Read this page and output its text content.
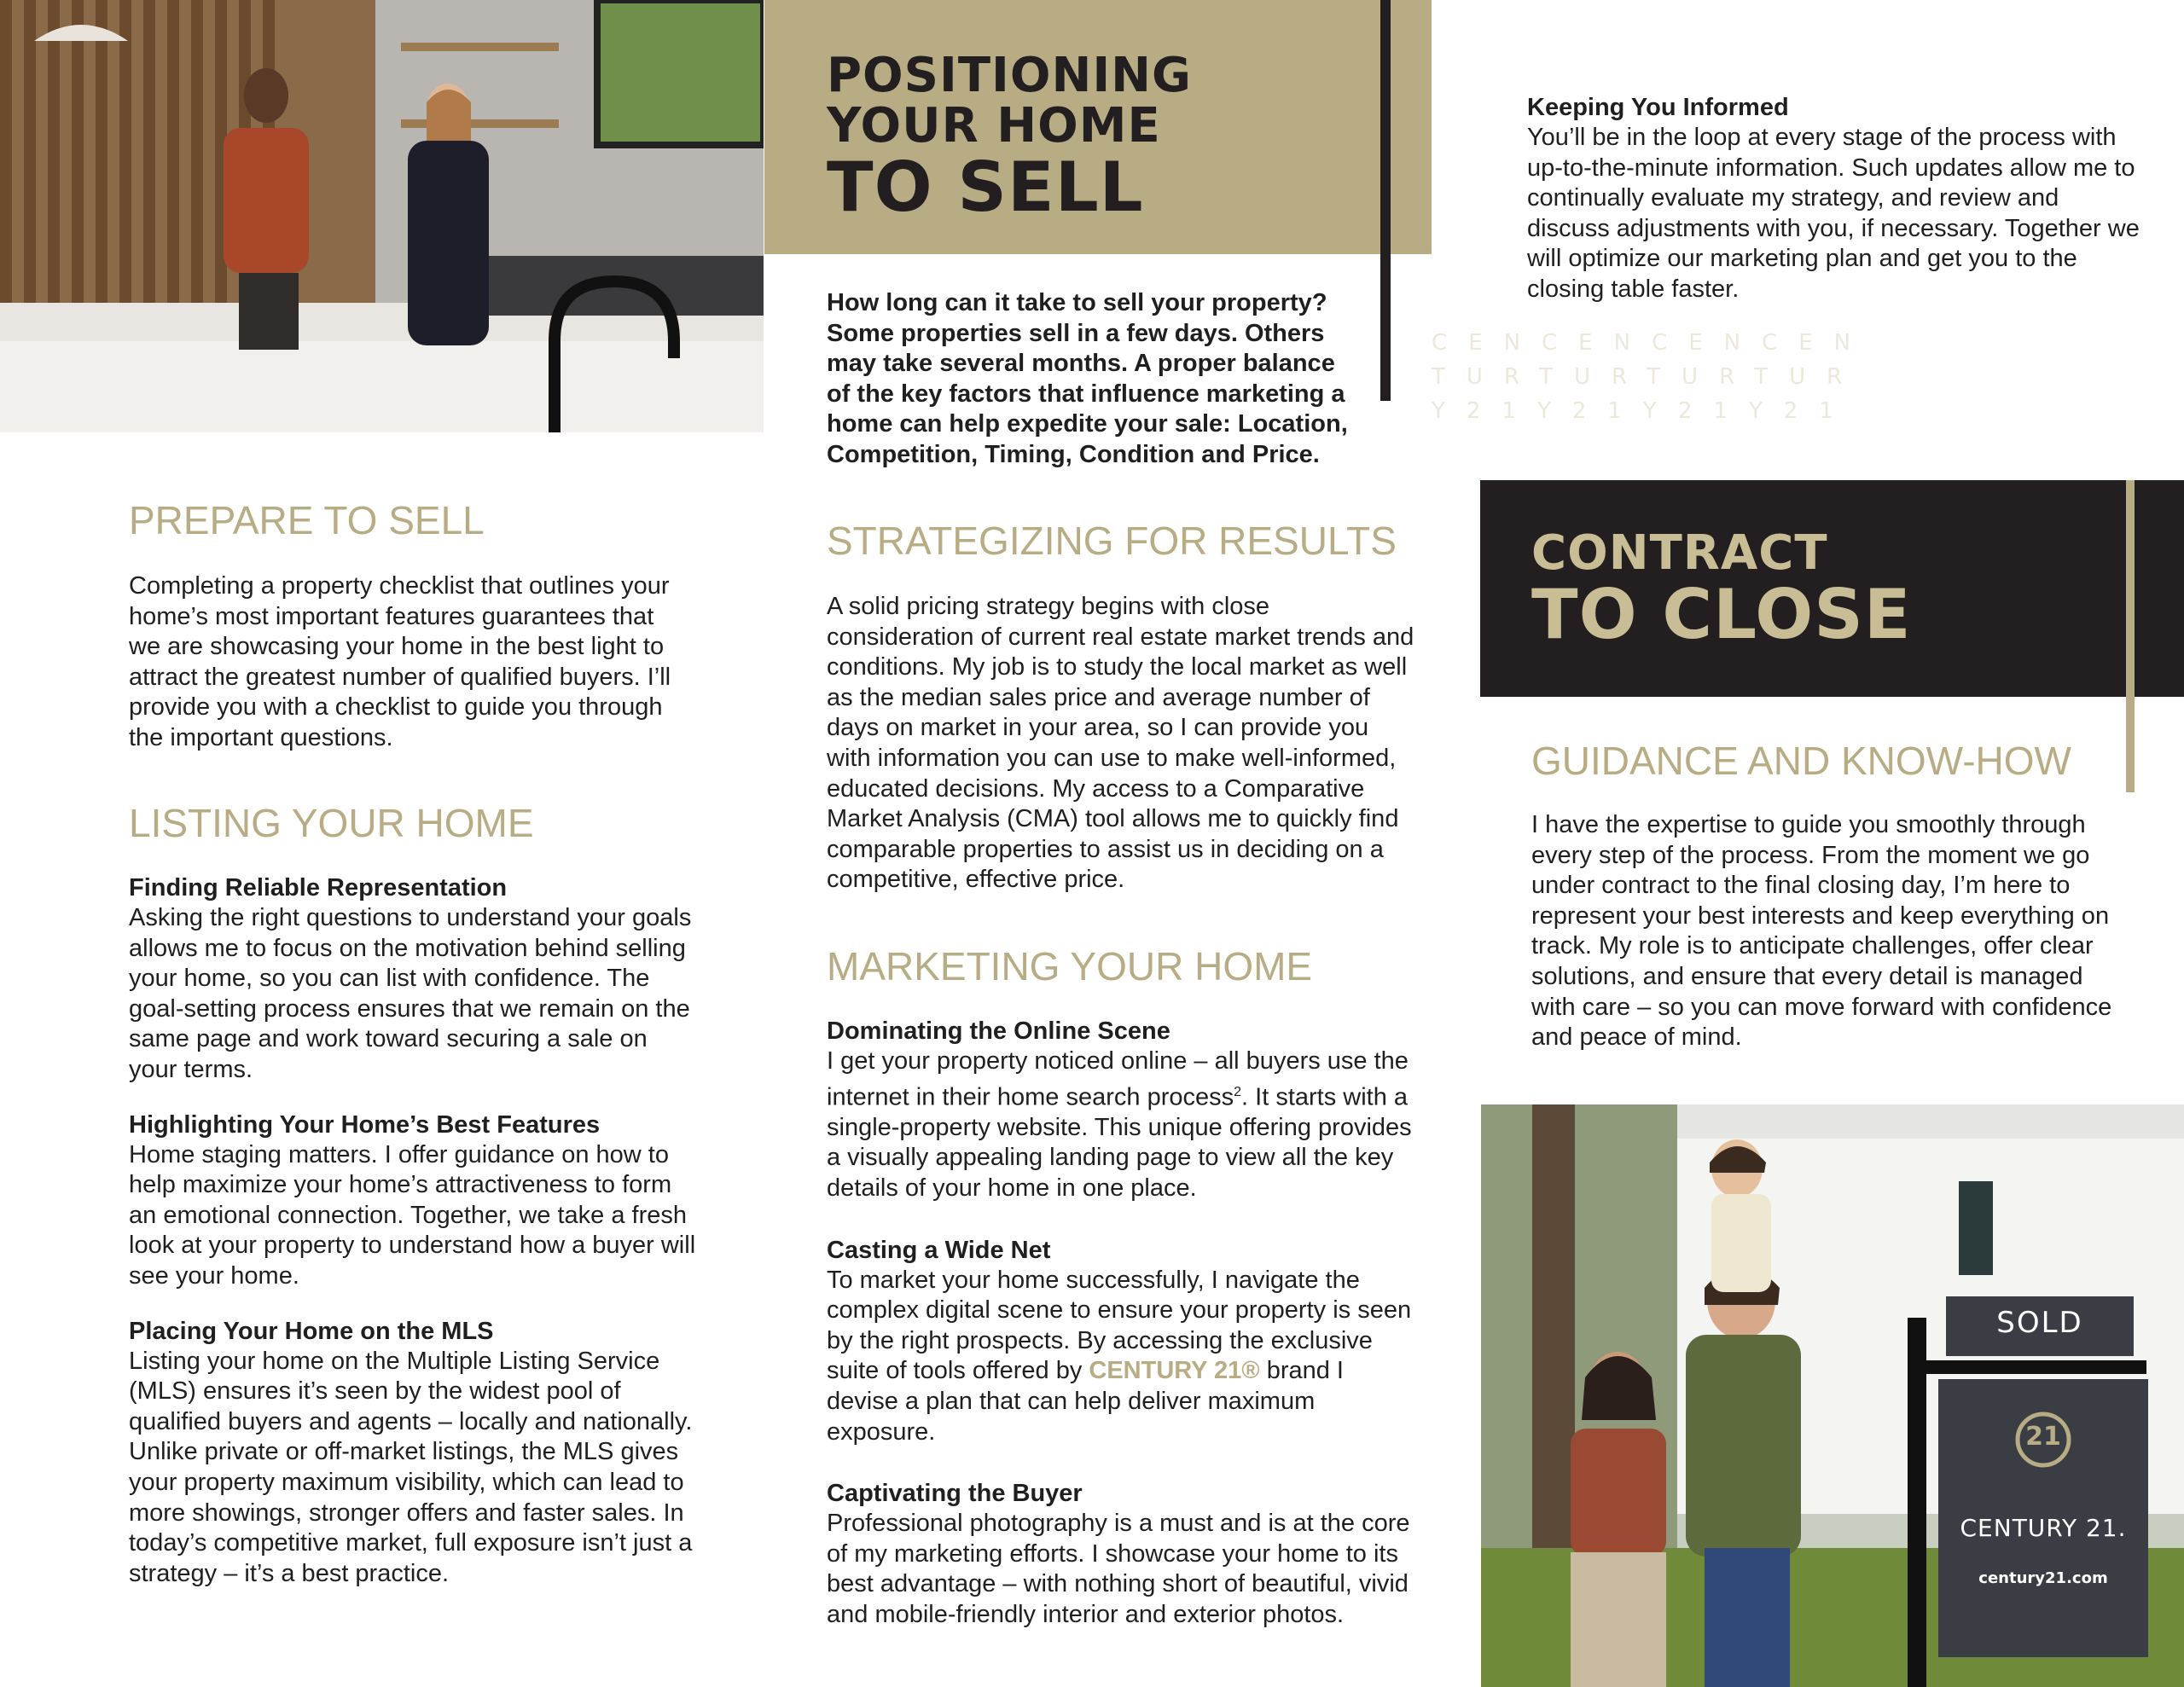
POSITIONING
YOUR HOME
TO SELL
How long can it take to sell your property? Some properties sell in a few days. Others may take several months. A proper balance of the key factors that influence marketing a home can help expedite your sale: Location, Competition, Timing, Condition and Price.
PREPARE TO SELL
Completing a property checklist that outlines your home’s most important features guarantees that we are showcasing your home in the best light to attract the greatest number of qualified buyers. I’ll provide you with a checklist to guide you through the important questions.
LISTING YOUR HOME
Finding Reliable Representation
Asking the right questions to understand your goals allows me to focus on the motivation behind selling your home, so you can list with confidence. The goal-setting process ensures that we remain on the same page and work toward securing a sale on your terms.
Highlighting Your Home’s Best Features
Home staging matters. I offer guidance on how to help maximize your home’s attractiveness to form an emotional connection. Together, we take a fresh look at your property to understand how a buyer will see your home.
Placing Your Home on the MLS
Listing your home on the Multiple Listing Service (MLS) ensures it’s seen by the widest pool of qualified buyers and agents – locally and nationally. Unlike private or off-market listings, the MLS gives your property maximum visibility, which can lead to more showings, stronger offers and faster sales. In today’s competitive market, full exposure isn’t just a strategy – it’s a best practice.
STRATEGIZING FOR RESULTS
A solid pricing strategy begins with close consideration of current real estate market trends and conditions. My job is to study the local market as well as the median sales price and average number of days on market in your area, so I can provide you with information you can use to make well-informed, educated decisions. My access to a Comparative Market Analysis (CMA) tool allows me to quickly find comparable properties to assist us in deciding on a competitive, effective price.
MARKETING YOUR HOME
Dominating the Online Scene
I get your property noticed online – all buyers use the internet in their home search process$^2$. It starts with a single-property website. This unique offering provides a visually appealing landing page to view all the key details of your home in one place.
Casting a Wide Net
To market your home successfully, I navigate the complex digital scene to ensure your property is seen by the right prospects. By accessing the exclusive suite of tools offered by CENTURY 21® brand I devise a plan that can help deliver maximum exposure.
Captivating the Buyer
Professional photography is a must and is at the core of my marketing efforts. I showcase your home to its best advantage – with nothing short of beautiful, vivid and mobile-friendly interior and exterior photos.
Keeping You Informed
You’ll be in the loop at every stage of the process with up-to-the-minute information. Such updates allow me to continually evaluate my strategy, and review and discuss adjustments with you, if necessary. Together we will optimize our marketing plan and get you to the closing table faster.
CENCENCENCEN
TURTURTURTUR
Y21Y21Y21Y21
CONTRACT
TO CLOSE
GUIDANCE AND KNOW-HOW
I have the expertise to guide you smoothly through every step of the process. From the moment we go under contract to the final closing day, I’m here to represent your best interests and keep everything on track. My role is to anticipate challenges, offer clear solutions, and ensure that every detail is managed with care – so you can move forward with confidence and peace of mind.
SOLD
21
CENTURY 21.
century21.com
